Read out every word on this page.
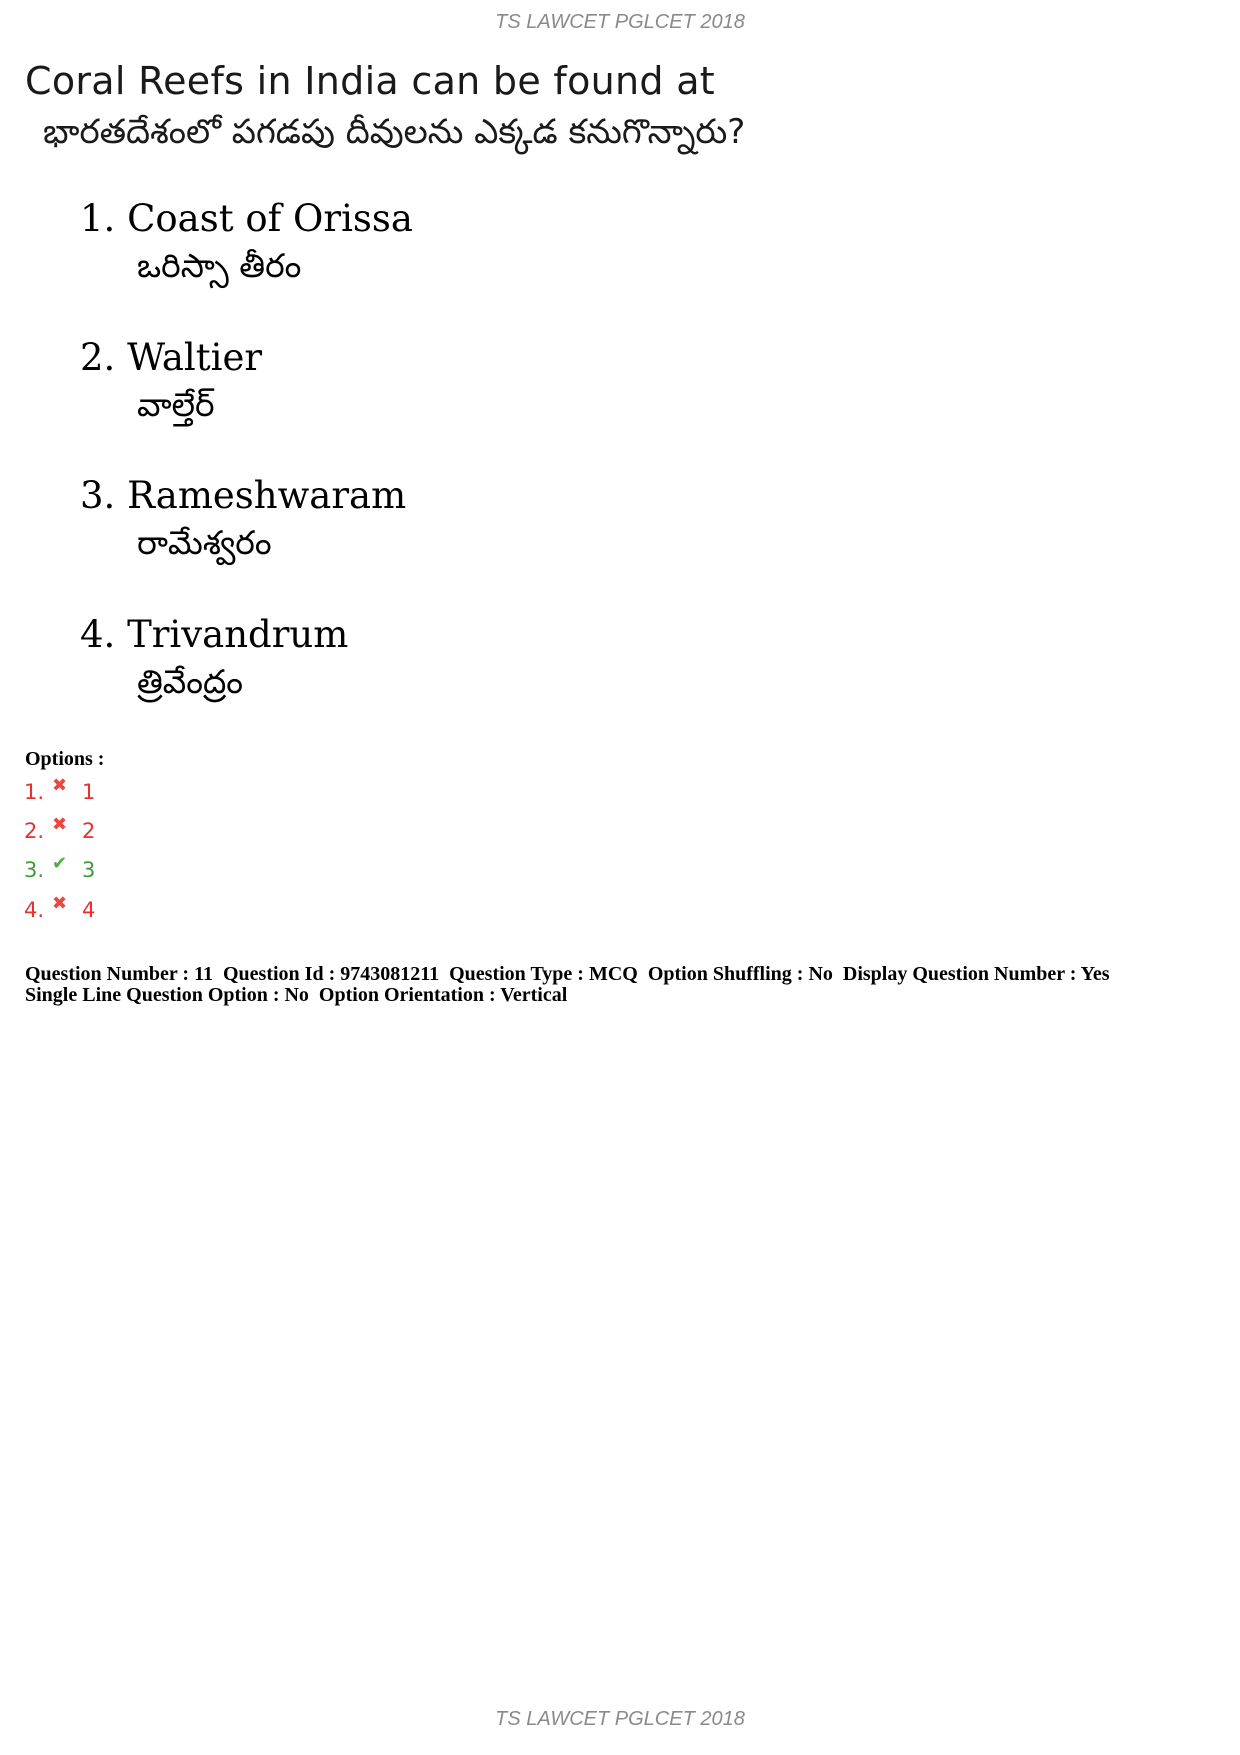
TS LAWCET PGLCET 2018
Coral Reefs in India can be found at
భారతదేశంలో పగడపు దీవులను ఎక్కడ కనుగొన్నారు?
1. Coast of Orissa
ఒరిస్సా తీరం
2. Waltier
వాల్తేర్
3. Rameshwaram
రామేశ్వరం
4. Trivandrum
త్రివేంద్రం
Options :
1. ✖ 1
2. ✖ 2
3. ✔ 3
4. ✖ 4
Question Number : 11  Question Id : 9743081211  Question Type : MCQ  Option Shuffling : No  Display Question Number : Yes
Single Line Question Option : No  Option Orientation : Vertical
TS LAWCET PGLCET 2018
